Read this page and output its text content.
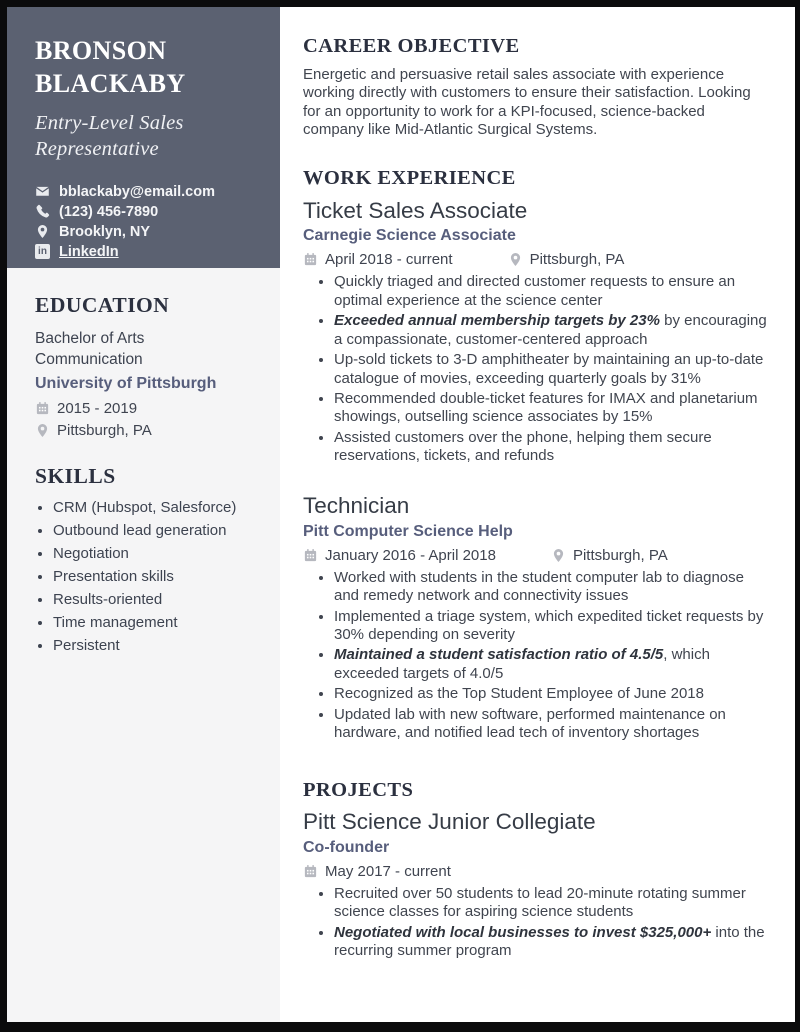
BRONSON BLACKABY
Entry-Level Sales Representative
bblackaby@email.com
(123) 456-7890
Brooklyn, NY
in LinkedIn
EDUCATION
Bachelor of Arts
Communication
University of Pittsburgh
2015 - 2019
Pittsburgh, PA
SKILLS
• CRM (Hubspot, Salesforce)
• Outbound lead generation
• Negotiation
• Presentation skills
• Results-oriented
• Time management
• Persistent
CAREER OBJECTIVE

Energetic and persuasive retail sales associate with experience working directly with customers to ensure their satisfaction. Looking for an opportunity to work for a KPI-focused, science-backed company like Mid-Atlantic Surgical Systems.

WORK EXPERIENCE
Ticket Sales Associate
Carnegie Science Associate
April 2018 - current	Pittsburgh, PA
• Quickly triaged and directed customer requests to ensure an optimal experience at the science center
• Exceeded annual membership targets by 23% by encouraging a compassionate, customer-centered approach
• Up-sold tickets to 3-D amphitheater by maintaining an up-to-date catalogue of movies, exceeding quarterly goals by 31%
• Recommended double-ticket features for IMAX and planetarium showings, outselling science associates by 15%
• Assisted customers over the phone, helping them secure reservations, tickets, and refunds
Technician
Pitt Computer Science Help
January 2016 - April 2018	Pittsburgh, PA
• Worked with students in the student computer lab to diagnose and remedy network and connectivity issues
• Implemented a triage system, which expedited ticket requests by 30% depending on severity
• Maintained a student satisfaction ratio of 4.5/5, which exceeded targets of 4.0/5
• Recognized as the Top Student Employee of June 2018
• Updated lab with new software, performed maintenance on hardware, and notified lead tech of inventory shortages
PROJECTS
Pitt Science Junior Collegiate
Co-founder
May 2017 - current
• Recruited over 50 students to lead 20-minute rotating summer science classes for aspiring science students
• Negotiated with local businesses to invest $325,000+ into the recurring summer program
